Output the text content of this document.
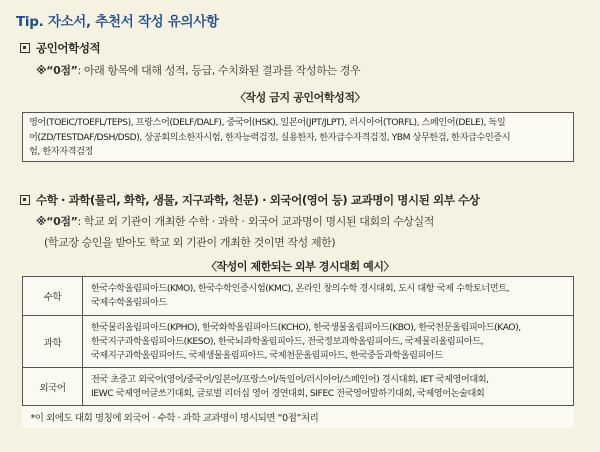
Tip. 자소서, 추천서 작성 유의사항
공인어학성적
※“0점”: 아래 항목에 대해 성적, 등급, 수치화된 결과를 작성하는 경우
〈작성 금지 공인어학성적〉
영어(TOEIC/TOEFL/TEPS), 프랑스어(DELF/DALF), 중국어(HSK), 일본어(JPT/JLPT), 러시아어(TORFL), 스페인어(DELE), 독일
어(ZD/TESTDAF/DSH/DSD), 상공회의소한자시험, 한자능력검정, 실용한자, 한자급수자격검정, YBM 상무한검, 한자급수인증시
험, 한자자격검정
수학 · 과학(물리, 화학, 생물, 지구과학, 천문) · 외국어(영어 등) 교과명이 명시된 외부 수상
※“0점”: 학교 외 기관이 개최한 수학 · 과학 · 외국어 교과명이 명시된 대회의 수상실적
(학교장 승인을 받아도 학교 외 기관이 개최한 것이면 작성 제한)
〈작성이 제한되는 외부 경시대회 예시〉
수학	한국수학올림피아드(KMO), 한국수학인증시험(KMC), 온라인 창의수학 경시대회, 도시 대항 국제 수학토너먼트,
국제수학올림피아드

과학	한국물리올림피아드(KPHO), 한국화학올림피아드(KCHO), 한국생물올림피아드(KBO), 한국천문올림피아드(KAO),
한국지구과학올림피아드(KESO), 한국뇌과학올림피아드, 전국정보과학올림피아드, 국제물리올림피아드,
국제지구과학올림피아드, 국제생물올림피아드, 국제천문올림피아드, 한국중등과학올림피아드

외국어	전국 초중고 외국어(영어/중국어/일본어/프랑스어/독일어/러시아어/스페인어) 경시대회, IET 국제영어대회,
IEWC 국제영어글쓰기대회, 글로벌 리더십 영어 경연대회, SIFEC 전국영어말하기대회, 국제영어논술대회

*이 외에도 대회 명칭에 외국어 · 수학 · 과학 교과명이 명시되면 “0점”처리	
